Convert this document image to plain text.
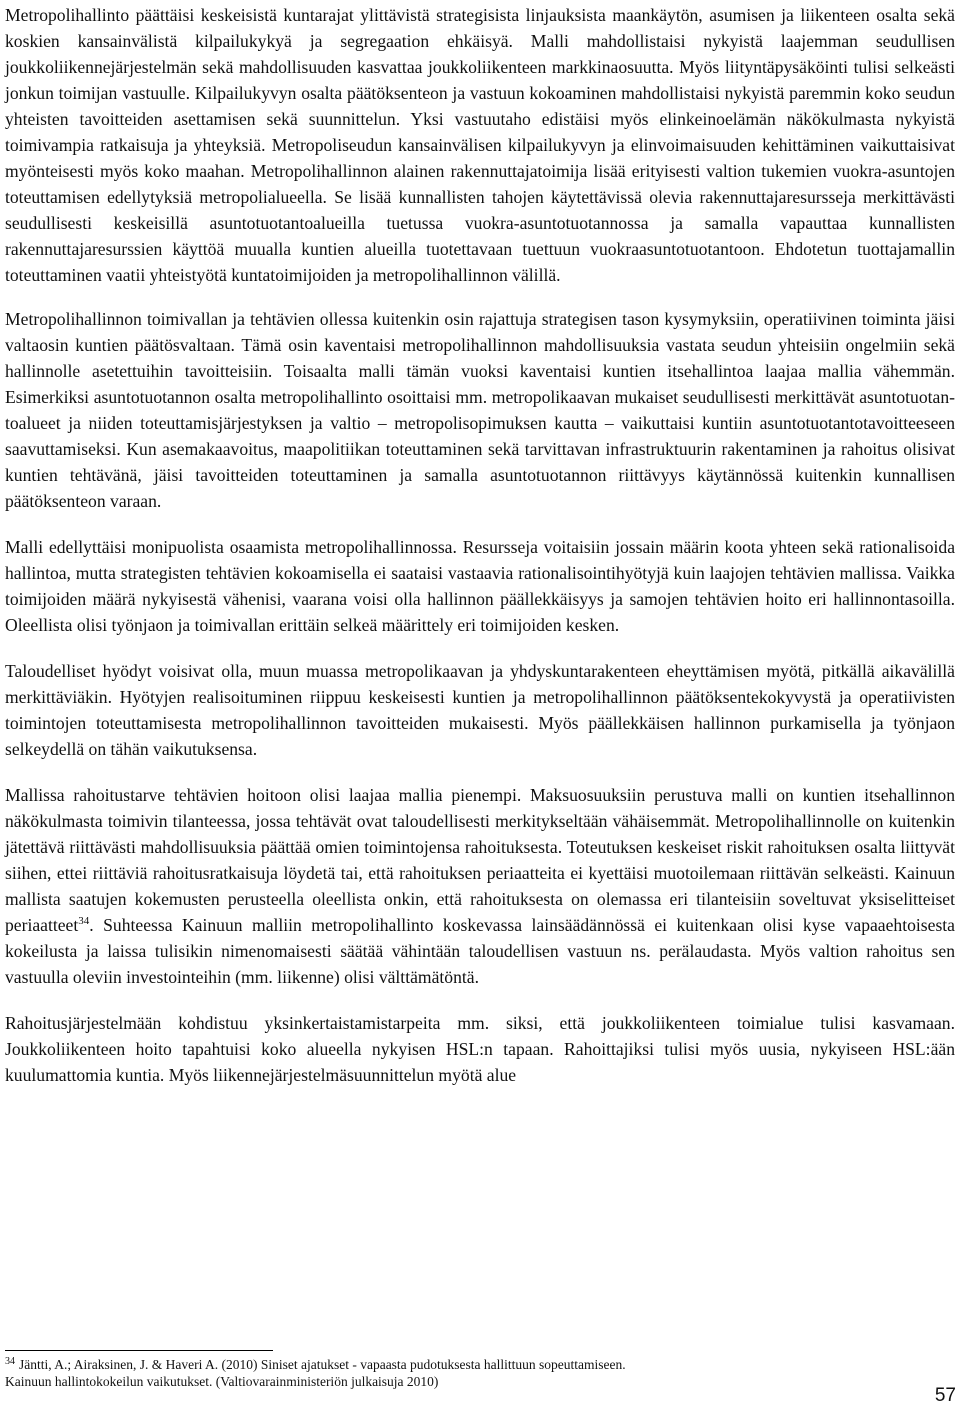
Metropolihallinto päättäisi keskeisistä kuntarajat ylittävistä strategisista linjauksista maankäytön, asumisen ja liikenteen osalta sekä koskien kansainvälistä kilpailukykyä ja segregaation ehkäisyä. Malli mahdollistaisi nykyistä laajemman seudullisen joukkoliikennejärjestelmän sekä mahdollisuuden kasvattaa joukkoliikenteen markkinaosuutta. Myös liityntäpysäköinti tulisi selkeästi jonkun toimijan vastuulle. Kilpailukyvyn osalta päätöksenteon ja vastuun kokoaminen mahdollistaisi nykyistä paremmin koko seudun yhteisten tavoitteiden asettamisen sekä suunnittelun. Yksi vastuutaho edistäisi myös elinkeinoelämän näkökulmasta nykyistä toimivampia ratkaisuja ja yhteyksiä. Metropoliseudun kansainvälisen kilpailukyvyn ja elinvoimaisuuden kehittäminen vaikuttaisivat myönteisesti myös koko maahan. Metropolihallinnon alainen rakennuttajatoimija lisää erityisesti valtion tukemien vuokra-asuntojen toteuttamisen edellytyksiä metropolialueella. Se lisää kunnallisten tahojen käytettävissä olevia rakennuttajaresursseja merkittävästi seudullisesti keskeisillä asuntotuotantoalueilla tuetussa vuokra-asuntotuotannossa ja samalla vapauttaa kunnallisten rakennuttajaresurssien käyttöä muualla kuntien alueilla tuotettavaan tuettuun vuokraasuntotuotantoon. Ehdotetun tuottajamallin toteuttaminen vaatii yhteistyötä kuntatoimijoiden ja metropolihallinnon välillä.

Metropolihallinnon toimivallan ja tehtävien ollessa kuitenkin osin rajattuja strategisen tason kysymyksiin, operatiivinen toiminta jäisi valtaosin kuntien päätösvaltaan. Tämä osin kaventaisi metropolihallinnon mahdollisuuksia vastata seudun yhteisiin ongelmiin sekä hallinnolle asetettuihin tavoitteisiin. Toisaalta malli tämän vuoksi kaventaisi kuntien itsehallintoa laajaa mallia vähemmän. Esimerkiksi asuntotuotannon osalta metropolihallinto osoittaisi mm. metropolikaavan mukaiset seudullisesti merkittävät asuntotuotantoalueet ja niiden toteuttamisjärjestyksen ja valtio – metropolisopimuksen kautta – vaikuttaisi kuntiin asuntotuotantotavoitteeseen saavuttamiseksi. Kun asemakaavoitus, maapolitiikan toteuttaminen sekä tarvittavan infrastruktuurin rakentaminen ja rahoitus olisivat kuntien tehtävänä, jäisi tavoitteiden toteuttaminen ja samalla asuntotuotannon riittävyys käytännössä kuitenkin kunnallisen päätöksenteon varaan.

Malli edellyttäisi monipuolista osaamista metropolihallinnossa. Resursseja voitaisiin jossain määrin koota yhteen sekä rationalisoida hallintoa, mutta strategisten tehtävien kokoamisella ei saataisi vastaavia rationalisointihyötyjä kuin laajojen tehtävien mallissa. Vaikka toimijoiden määrä nykyisestä vähenisi, vaarana voisi olla hallinnon päällekkäisyys ja samojen tehtävien hoito eri hallinnontasoilla. Oleellista olisi työnjaon ja toimivallan erittäin selkeä määrittely eri toimijoiden kesken.

Taloudelliset hyödyt voisivat olla, muun muassa metropolikaavan ja yhdyskuntarakenteen eheyttämisen myötä, pitkällä aikavälillä merkittäviäkin. Hyötyjen realisoituminen riippuu keskeisesti kuntien ja metropolihallinnon päätöksentekokyvystä ja operatiivisten toimintojen toteuttamisesta metropolihallinnon tavoitteiden mukaisesti. Myös päällekkäisen hallinnon purkamisella ja työnjaon selkeydellä on tähän vaikutuksensa.

Mallissa rahoitustarve tehtävien hoitoon olisi laajaa mallia pienempi. Maksuosuuksiin perustuva malli on kuntien itsehallinnon näkökulmasta toimivin tilanteessa, jossa tehtävät ovat taloudellisesti merkitykseltään vähäisemmät. Metropolihallinnolle on kuitenkin jätettävä riittävästi mahdollisuuksia päättää omien toimintojensa rahoituksesta. Toteutuksen keskeiset riskit rahoituksen osalta liittyvät siihen, ettei riittäviä rahoitusratkaisuja löydetä tai, että rahoituksen periaatteita ei kyettäisi muotoilemaan riittävän selkeästi. Kainuun mallista saatujen kokemusten perusteella oleellista onkin, että rahoituksesta on olemassa eri tilanteisiin soveltuvat yksiselitteiset periaatteet$^{34}$. Suhteessa Kainuun malliin metropolihallinto koskevassa lainsäädännössä ei kuitenkaan olisi kyse vapaaehtoisesta kokeilusta ja laissa tulisikin nimenomaisesti säätää vähintään taloudellisen vastuun ns. perälaudasta. Myös valtion rahoitus sen vastuulla oleviin investointeihin (mm. liikenne) olisi välttämätöntä.

Rahoitusjärjestelmään kohdistuu yksinkertaistamistarpeita mm. siksi, että joukkoliikenteen toimialue tulisi kasvamaan. Joukkoliikenteen hoito tapahtuisi koko alueella nykyisen HSL:n tapaan. Rahoittajiksi tulisi myös uusia, nykyiseen HSL:ään kuulumattomia kuntia. Myös liikennejärjestelmäsuunnittelun myötä alue

$^{34}$ Jäntti, A.; Airaksinen, J. & Haveri A. (2010) Siniset ajatukset - vapaasta pudotuksesta hallittuun sopeuttamiseen.
Kainuun hallintokokeilun vaikutukset. (Valtiovarainministeriön julkaisuja 2010)
57
